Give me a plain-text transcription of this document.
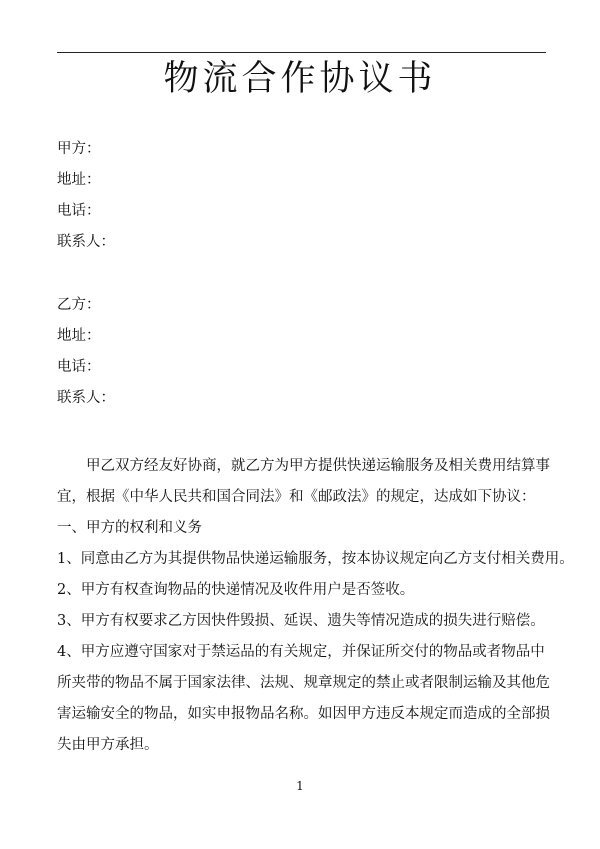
物流合作协议书
甲方：
地址：
电话：
联系人：
乙方：
地址：
电话：
联系人：

甲乙双方经友好协商，就乙方为甲方提供快递运输服务及相关费用结算事宜，根据《中华人民共和国合同法》和《邮政法》的规定，达成如下协议：

一、甲方的权利和义务
1、同意由乙方为其提供物品快递运输服务，按本协议规定向乙方支付相关费用。
2、甲方有权查询物品的快递情况及收件用户是否签收。
3、甲方有权要求乙方因快件毁损、延误、遗失等情况造成的损失进行赔偿。

4、甲方应遵守国家对于禁运品的有关规定，并保证所交付的物品或者物品中所夹带的物品不属于国家法律、法规、规章规定的禁止或者限制运输及其他危害运输安全的物品，如实申报物品名称。如因甲方违反本规定而造成的全部损失由甲方承担。

1
